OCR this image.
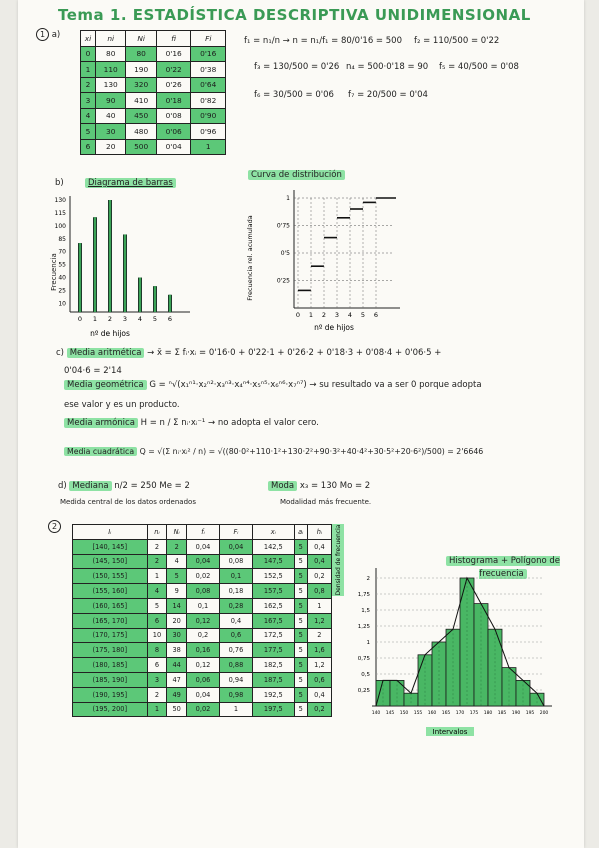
Tema 1. ESTADÍSTICA DESCRIPTIVA UNIDIMENSIONAL
1 a)	xi	ni	Ni	fi	Fi
0	80	80	0'16	0'16
1	110	190	0'22	0'38
2	130	320	0'26	0'64
3	90	410	0'18	0'82
4	40	450	0'08	0'90
5	30	480	0'06	0'96
6	20	500	0'04	1
f₁ = n₁/n → n = n₁/f₁ = 80/0'16 = 500 f₂ = 110/500 = 0'22
f₃ = 130/500 = 0'26 n₄ = 500·0'18 = 90 f₅ = 40/500 = 0'08
f₆ = 30/500 = 0'06 f₇ = 20/500 = 0'04
b)	Diagrama de barras
130
115
100
85
70
55
40
25
10
0 1 2 3 4 5 6
nº de hijos
Frecuencia
Curva de distribución
1
0'75
0'5
0'25
0 1 2 3 4 5 6
nº de hijos
Frecuencia rel. acumulada
c) Media aritmética → x̄ = Σ fᵢ·xᵢ = 0'16·0 + 0'22·1 + 0'26·2 + 0'18·3 + 0'08·4 + 0'06·5 +
0'04·6 = 2'14
Media geométrica G = ⁿ√(x₁ⁿ¹·x₂ⁿ²·x₃ⁿ³·x₄ⁿ⁴·x₅ⁿ⁵·x₆ⁿ⁶·x₇ⁿ⁷) → su resultado va a ser 0 porque adopta
ese valor y es un producto.
Media armónica H = n / Σ nᵢ·xᵢ⁻¹ → no adopta el valor cero.
Media cuadrática Q = √(Σ nᵢ·xᵢ² / n) = √((80·0²+110·1²+130·2²+90·3²+40·4²+30·5²+20·6²)/500) = 2'6646
d) Mediana n/2 = 250 Me = 2	Moda x₃ = 130 Mo = 2
Medida central de los datos ordenados	Modalidad más frecuente.
2
Iᵢ	nᵢ	Nᵢ	fᵢ	Fᵢ	xᵢ	aᵢ	hᵢ
[140, 145]	2	2	0,04	0,04	142,5	5	0,4
(145, 150]	2	4	0,04	0,08	147,5	5	0,4
(150, 155]	1	5	0,02	0,1	152,5	5	0,2
(155, 160]	4	9	0,08	0,18	157,5	5	0,8
(160, 165]	5	14	0,1	0,28	162,5	5	1
(165, 170]	6	20	0,12	0,4	167,5	5	1,2
(170, 175]	10	30	0,2	0,6	172,5	5	2
(175, 180]	8	38	0,16	0,76	177,5	5	1,6
(180, 185]	6	44	0,12	0,88	182,5	5	1,2
(185, 190]	3	47	0,06	0,94	187,5	5	0,6
(190, 195]	2	49	0,04	0,98	192,5	5	0,4
(195, 200]	1	50	0,02	1	197,5	5	0,2
Histograma + Polígono de frecuencia
2
1,75
1,5
1,25
1
0,75
0,5
0,25
140 145 150 155 160 165 170 175 180 185 190 195 200
Intervalos
Densidad de frecuencia
